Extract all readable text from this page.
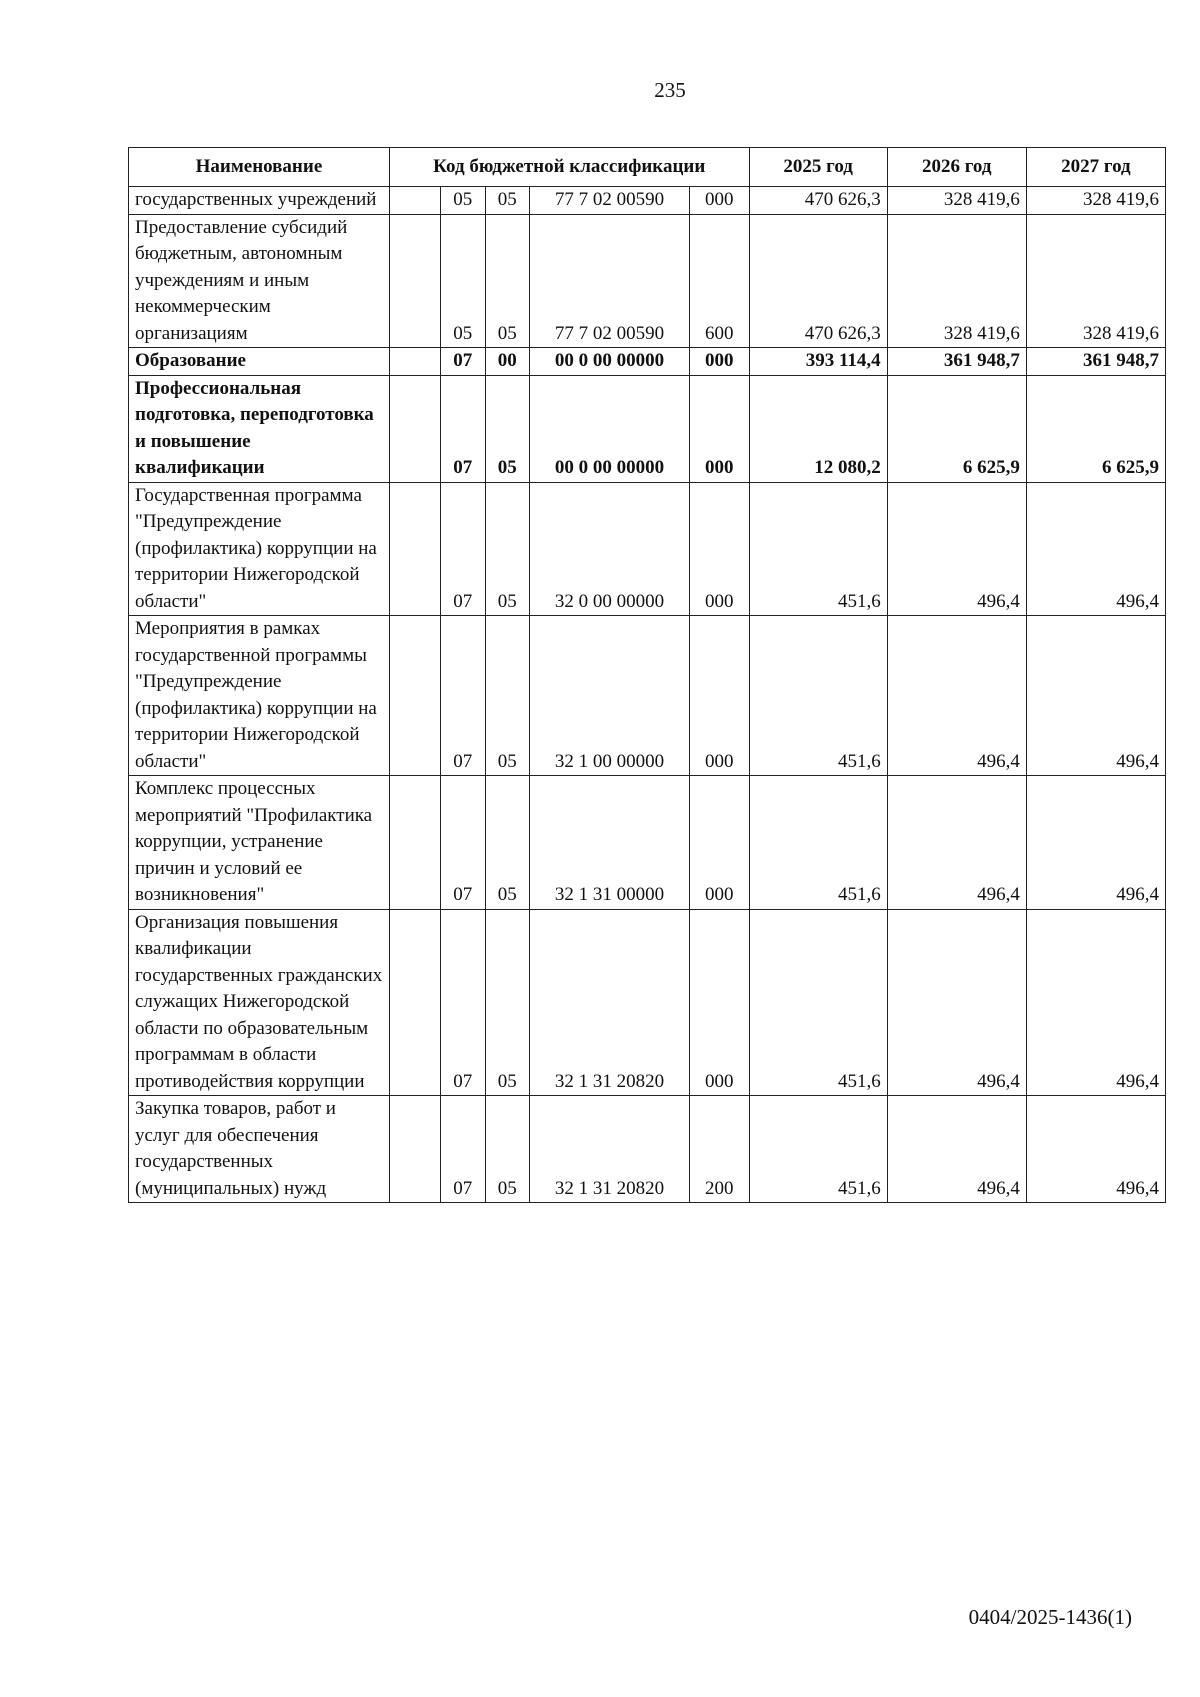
235
Наименование	Код бюджетной классификации					2025 год	2026 год	2027 год
государственных учреждений		05	05	77 7 02 00590	000	470 626,3	328 419,6	328 419,6
Предоставление субсидий бюджетным, автономным учреждениям и иным некоммерческим организациям		05	05	77 7 02 00590	600	470 626,3	328 419,6	328 419,6
Образование		07	00	00 0 00 00000	000	393 114,4	361 948,7	361 948,7
Профессиональная подготовка, переподготовка и повышение квалификации		07	05	00 0 00 00000	000	12 080,2	6 625,9	6 625,9
Государственная программа "Предупреждение (профилактика) коррупции на территории Нижегородской области"		07	05	32 0 00 00000	000	451,6	496,4	496,4
Мероприятия в рамках государственной программы "Предупреждение (профилактика) коррупции на территории Нижегородской области"		07	05	32 1 00 00000	000	451,6	496,4	496,4
Комплекс процессных мероприятий "Профилактика коррупции, устранение причин и условий ее возникновения"		07	05	32 1 31 00000	000	451,6	496,4	496,4
Организация повышения квалификации государственных гражданских служащих Нижегородской области по образовательным программам в области противодействия коррупции		07	05	32 1 31 20820	000	451,6	496,4	496,4
Закупка товаров, работ и услуг для обеспечения государственных (муниципальных) нужд		07	05	32 1 31 20820	200	451,6	496,4	496,4
0404/2025-1436(1)
